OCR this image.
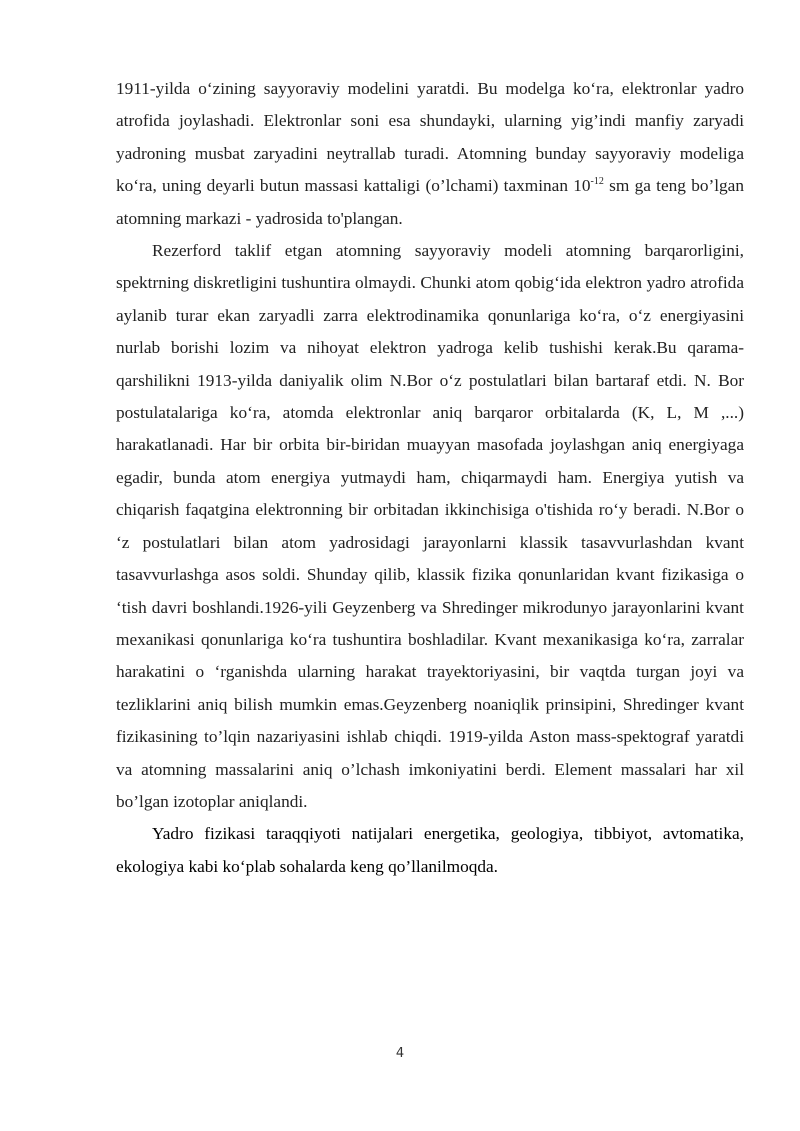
1911-yilda o‘zining sayyoraviy modelini yaratdi. Bu modelga ko‘ra, elektronlar yadro atrofida joylashadi. Elektronlar soni esa shundayki, ularning yig’indi manfiy zaryadi yadroning musbat zaryadini neytrallab turadi. Atomning bunday sayyoraviy modeliga ko‘ra, uning deyarli butun massasi kattaligi (o’lchami) taxminan $10^{-12}$ sm ga teng bo’lgan atomning markazi - yadrosida to'plangan.

Rezerford taklif etgan atomning sayyoraviy modeli atomning barqarorligini, spektrning diskretligini tushuntira olmaydi. Chunki atom qobig‘ida elektron yadro atrofida aylanib turar ekan zaryadli zarra elektrodinamika qonunlariga ko‘ra, o‘z energiyasini nurlab borishi lozim va nihoyat elektron yadroga kelib tushishi kerak.Bu qarama-qarshilikni 1913-yilda daniyalik olim N.Bor o‘z postulatlari bilan bartaraf etdi. N. Bor postulatalariga ko‘ra, atomda elektronlar aniq barqaror orbitalarda (K, L, M ,...) harakatlanadi. Har bir orbita bir-biridan muayyan masofada joylashgan aniq energiyaga egadir, bunda atom energiya yutmaydi ham, chiqarmaydi ham. Energiya yutish va chiqarish faqatgina elektronning bir orbitadan ikkinchisiga o'tishida ro‘y beradi. N.Bor o ‘z postulatlari bilan atom yadrosidagi jarayonlarni klassik tasavvurlashdan kvant tasavvurlashga asos soldi. Shunday qilib, klassik fizika qonunlaridan kvant fizikasiga o ‘tish davri boshlandi.1926-yili Geyzenberg va Shredinger mikrodunyo jarayonlarini kvant mexanikasi qonunlariga ko‘ra tushuntira boshladilar. Kvant mexanikasiga ko‘ra, zarralar harakatini o ‘rganishda ularning harakat trayektoriyasini, bir vaqtda turgan joyi va tezliklarini aniq bilish mumkin emas.Geyzenberg noaniqlik prinsipini, Shredinger kvant fizikasining to’lqin nazariyasini ishlab chiqdi. 1919-yilda Aston mass-spektograf yaratdi va atomning massalarini aniq o’lchash imkoniyatini berdi. Element massalari har xil bo’lgan izotoplar aniqlandi.

Yadro fizikasi taraqqiyoti natijalari energetika, geologiya, tibbiyot, avtomatika, ekologiya kabi ko‘plab sohalarda keng qo’llanilmoqda.

4
